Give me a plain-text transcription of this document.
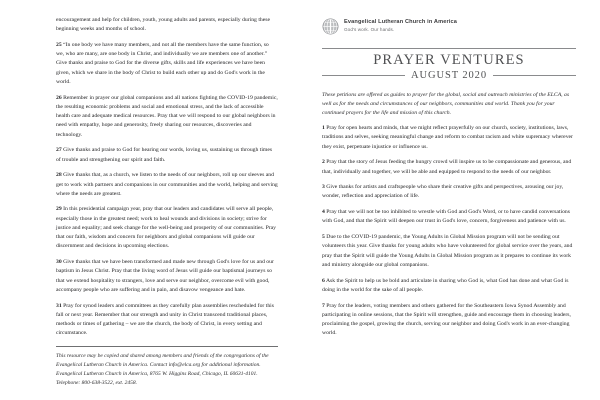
encouragement and help for children, youth, young adults and parents, especially during these beginning weeks and months of school.

25 “In one body we have many members, and not all the members have the same function, so we, who are many, are one body in Christ, and individually we are members one of another.” Give thanks and praise to God for the diverse gifts, skills and life experiences we have been given, which we share in the body of Christ to build each other up and do God's work in the world.

26 Remember in prayer our global companions and all nations fighting the COVID-19 pandemic, the resulting economic problems and social and emotional stress, and the lack of accessible health care and adequate medical resources. Pray that we will respond to our global neighbors in need with empathy, hope and generosity, freely sharing our resources, discoveries and technology.

27 Give thanks and praise to God for hearing our words, loving us, sustaining us through times of trouble and strengthening our spirit and faith.

28 Give thanks that, as a church, we listen to the needs of our neighbors, roll up our sleeves and get to work with partners and companions in our communities and the world, helping and serving where the needs are greatest.

29 In this presidential campaign year, pray that our leaders and candidates will serve all people, especially those in the greatest need; work to heal wounds and divisions in society; strive for justice and equality; and seek change for the well-being and prosperity of our communities. Pray that our faith, wisdom and concern for neighbors and global companions will guide our discernment and decisions in upcoming elections.

30 Give thanks that we have been transformed and made new through God's love for us and our baptism in Jesus Christ. Pray that the living word of Jesus will guide our baptismal journeys so that we extend hospitality to strangers, love and serve our neighbor, overcome evil with good, accompany people who are suffering and in pain, and disavow vengeance and hate.

31 Pray for synod leaders and committees as they carefully plan assemblies rescheduled for this fall or next year. Remember that our strength and unity in Christ transcend traditional places, methods or times of gathering – we are the church, the body of Christ, in every setting and circumstance.

This resource may be copied and shared among members and friends of the congregations of the Evangelical Lutheran Church in America. Contact info@elca.org for additional information. Evangelical Lutheran Church in America, 8765 W. Higgins Road, Chicago, IL 60631-4101. Telephone: 800-638-3522, ext. 2458.

Evangelical Lutheran Church in America
God's work. Our hands.
PRAYER VENTURES
AUGUST 2020

These petitions are offered as guides to prayer for the global, social and outreach ministries of the ELCA, as well as for the needs and circumstances of our neighbors, communities and world. Thank you for your continued prayers for the life and mission of this church.

1 Pray for open hearts and minds, that we might reflect prayerfully on our church, society, institutions, laws, traditions and selves, seeking meaningful change and reform to combat racism and white supremacy wherever they exist, perpetuate injustice or influence us.

2 Pray that the story of Jesus feeding the hungry crowd will inspire us to be compassionate and generous, and that, individually and together, we will be able and equipped to respond to the needs of our neighbor.

3 Give thanks for artists and craftspeople who share their creative gifts and perspectives, arousing our joy, wonder, reflection and appreciation of life.

4 Pray that we will not be too inhibited to wrestle with God and God's Word, or to have candid conversations with God, and that the Spirit will deepen our trust in God's love, concern, forgiveness and patience with us.

5 Due to the COVID-19 pandemic, the Young Adults in Global Mission program will not be sending out volunteers this year. Give thanks for young adults who have volunteered for global service over the years, and pray that the Spirit will guide the Young Adults in Global Mission program as it prepares to continue its work and ministry alongside our global companions.

6 Ask the Spirit to help us be bold and articulate in sharing who God is, what God has done and what God is doing in the world for the sake of all people.

7 Pray for the leaders, voting members and others gathered for the Southeastern Iowa Synod Assembly and participating in online sessions, that the Spirit will strengthen, guide and encourage them in choosing leaders, proclaiming the gospel, growing the church, serving our neighbor and doing God's work in an ever-changing world.
